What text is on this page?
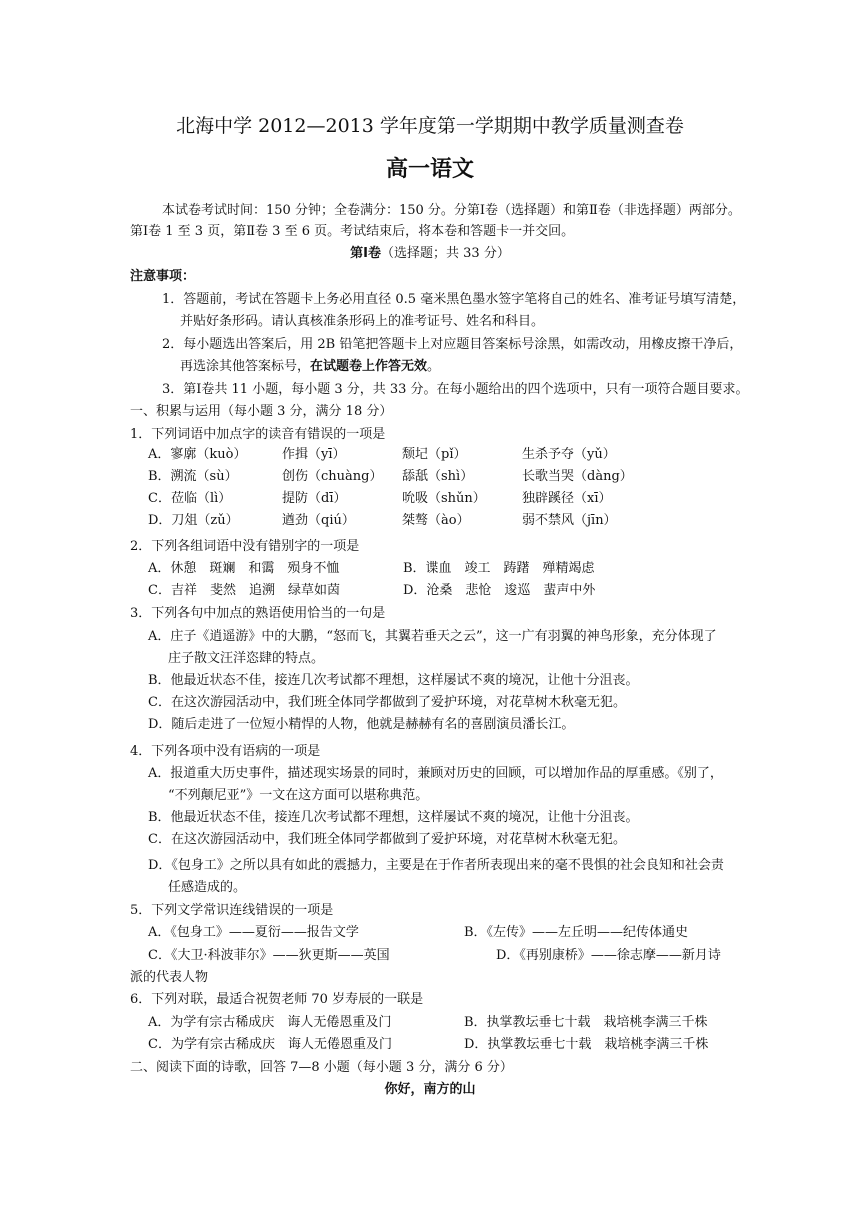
北海中学 2012—2013 学年度第一学期期中教学质量测查卷
高一语文
本试卷考试时间：150 分钟；全卷满分：150 分。分第Ⅰ卷（选择题）和第Ⅱ卷（非选择题）两部分。
第Ⅰ卷 1 至 3 页，第Ⅱ卷 3 至 6 页。考试结束后，将本卷和答题卡一并交回。
第Ⅰ卷（选择题；共 33 分）
注意事项：
1．答题前，考试在答题卡上务必用直径 0.5 毫米黑色墨水签字笔将自己的姓名、准考证号填写清楚，
并贴好条形码。请认真核准条形码上的准考证号、姓名和科目。
2．每小题选出答案后，用 2B 铅笔把答题卡上对应题目答案标号涂黑，如需改动，用橡皮擦干净后，
再选涂其他答案标号，在试题卷上作答无效。
3．第Ⅰ卷共 11 小题，每小题 3 分，共 33 分。在每小题给出的四个选项中，只有一项符合题目要求。
一、积累与运用（每小题 3 分，满分 18 分）
1．下列词语中加点字的读音有错误的一项是
A．寥廓（kuò）	作揖（yī）	颓圮（pǐ）	生杀予夺（yǔ）
B．溯流（sù）	创伤（chuàng）	舔舐（shì）	长歌当哭（dàng）
C．莅临（lì）	提防（dī）	吮吸（shǔn）	独辟蹊径（xī）
D．刀俎（zǔ）	遒劲（qiú）	桀骜（ào）	弱不禁风（jīn）
2．下列各组词语中没有错别字的一项是
A．休憩　斑斓　和霭　殒身不恤	B．谍血　竣工　踌躇　殚精竭虑
C．吉祥　斐然　追溯　绿草如茵	D．沧桑　悲怆　逡巡　蜚声中外
3．下列各句中加点的熟语使用恰当的一句是
A．庄子《逍遥游》中的大鹏，“怒而飞，其翼若垂天之云”，这一广有羽翼的神鸟形象，充分体现了
庄子散文汪洋恣肆的特点。
B．他最近状态不佳，接连几次考试都不理想，这样屡试不爽的境况，让他十分沮丧。
C．在这次游园活动中，我们班全体同学都做到了爱护环境，对花草树木秋毫无犯。
D．随后走进了一位短小精悍的人物，他就是赫赫有名的喜剧演员潘长江。
4．下列各项中没有语病的一项是
A．报道重大历史事件，描述现实场景的同时，兼顾对历史的回顾，可以增加作品的厚重感。《别了，
“不列颠尼亚”》一文在这方面可以堪称典范。
B．他最近状态不佳，接连几次考试都不理想，这样屡试不爽的境况，让他十分沮丧。
C．在这次游园活动中，我们班全体同学都做到了爱护环境，对花草树木秋毫无犯。
D．《包身工》之所以具有如此的震撼力，主要是在于作者所表现出来的毫不畏惧的社会良知和社会责
任感造成的。
5．下列文学常识连线错误的一项是
A．《包身工》——夏衍——报告文学	B．《左传》——左丘明——纪传体通史
C．《大卫·科波菲尔》——狄更斯——英国	D．《再别康桥》——徐志摩——新月诗
派的代表人物
6．下列对联，最适合祝贺老师 70 岁寿辰的一联是
A．为学有宗古稀成庆　诲人无倦恩重及门	B．执掌教坛垂七十载　栽培桃李满三千株
C．为学有宗古稀成庆　诲人无倦恩重及门	D．执掌教坛垂七十载　栽培桃李满三千株
二、阅读下面的诗歌，回答 7—8 小题（每小题 3 分，满分 6 分）
你好，南方的山
